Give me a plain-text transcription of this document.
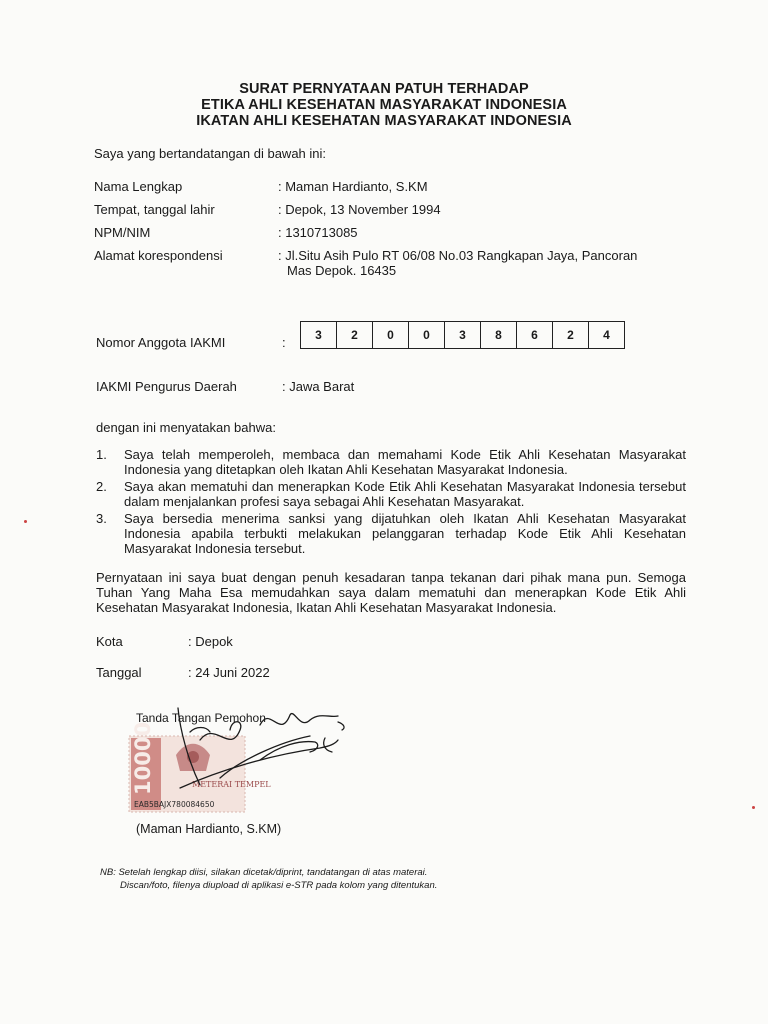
SURAT PERNYATAAN PATUH TERHADAP
ETIKA AHLI KESEHATAN MASYARAKAT INDONESIA
IKATAN AHLI KESEHATAN MASYARAKAT INDONESIA
Saya yang bertandatangan di bawah ini:
Nama Lengkap	: Maman Hardianto, S.KM
Tempat, tanggal lahir	: Depok, 13 November 1994
NPM/NIM	: 1310713085
Alamat korespondensi	: Jl.Situ Asih Pulo RT 06/08 No.03 Rangkapan Jaya, Pancoran
Mas Depok. 16435
Nomor Anggota IAKMI	:	3	2	0	0	3	8	6	2	4
IAKMI Pengurus Daerah	: Jawa Barat
dengan ini menyatakan bahwa:
1.	Saya telah memperoleh, membaca dan memahami Kode Etik Ahli Kesehatan Masyarakat Indonesia yang ditetapkan oleh Ikatan Ahli Kesehatan Masyarakat Indonesia.
2.	Saya akan mematuhi dan menerapkan Kode Etik Ahli Kesehatan Masyarakat Indonesia tersebut dalam menjalankan profesi saya sebagai Ahli Kesehatan Masyarakat.
3.	Saya bersedia menerima sanksi yang dijatuhkan oleh Ikatan Ahli Kesehatan Masyarakat Indonesia apabila terbukti melakukan pelanggaran terhadap Kode Etik Ahli Kesehatan Masyarakat Indonesia tersebut.
Pernyataan ini saya buat dengan penuh kesadaran tanpa tekanan dari pihak mana pun. Semoga Tuhan Yang Maha Esa memudahkan saya dalam mematuhi dan menerapkan Kode Etik Ahli Kesehatan Masyarakat Indonesia, Ikatan Ahli Kesehatan Masyarakat Indonesia.
Kota	: Depok
Tanggal	: 24 Juni 2022
Tanda Tangan Pemohon
10000	METERAI TEMPEL
EAB5BAJX780084650
(Maman Hardianto, S.KM)
NB: Setelah lengkap diisi, silakan dicetak/diprint, tandatangan di atas materai.
Discan/foto, filenya diupload di aplikasi e-STR pada kolom yang ditentukan.
